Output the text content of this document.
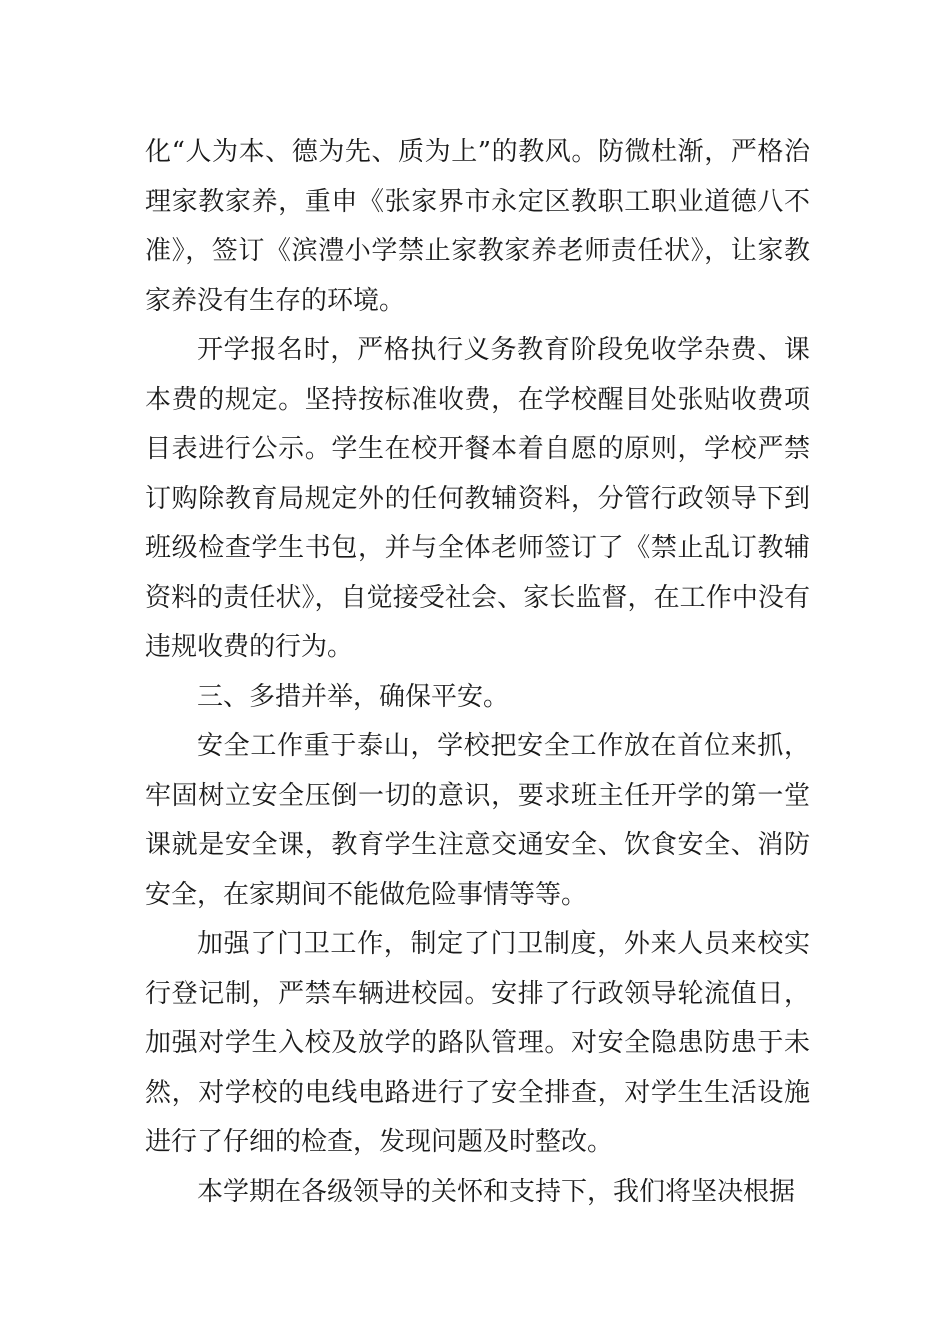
化“人为本、德为先、质为上”的教风。防微杜渐，严格治理家教家养，重申《张家界市永定区教职工职业道德八不准》，签订《滨澧小学禁止家教家养老师责任状》，让家教家养没有生存的环境。

开学报名时，严格执行义务教育阶段免收学杂费、课本费的规定。坚持按标准收费，在学校醒目处张贴收费项目表进行公示。学生在校开餐本着自愿的原则，学校严禁订购除教育局规定外的任何教辅资料，分管行政领导下到班级检查学生书包，并与全体老师签订了《禁止乱订教辅资料的责任状》，自觉接受社会、家长监督，在工作中没有违规收费的行为。

三、多措并举，确保平安。

安全工作重于泰山，学校把安全工作放在首位来抓，牢固树立安全压倒一切的意识，要求班主任开学的第一堂课就是安全课，教育学生注意交通安全、饮食安全、消防安全，在家期间不能做危险事情等等。

加强了门卫工作，制定了门卫制度，外来人员来校实行登记制，严禁车辆进校园。安排了行政领导轮流值日，加强对学生入校及放学的路队管理。对安全隐患防患于未然，对学校的电线电路进行了安全排查，对学生生活设施进行了仔细的检查，发现问题及时整改。

本学期在各级领导的关怀和支持下，我们将坚决根据
